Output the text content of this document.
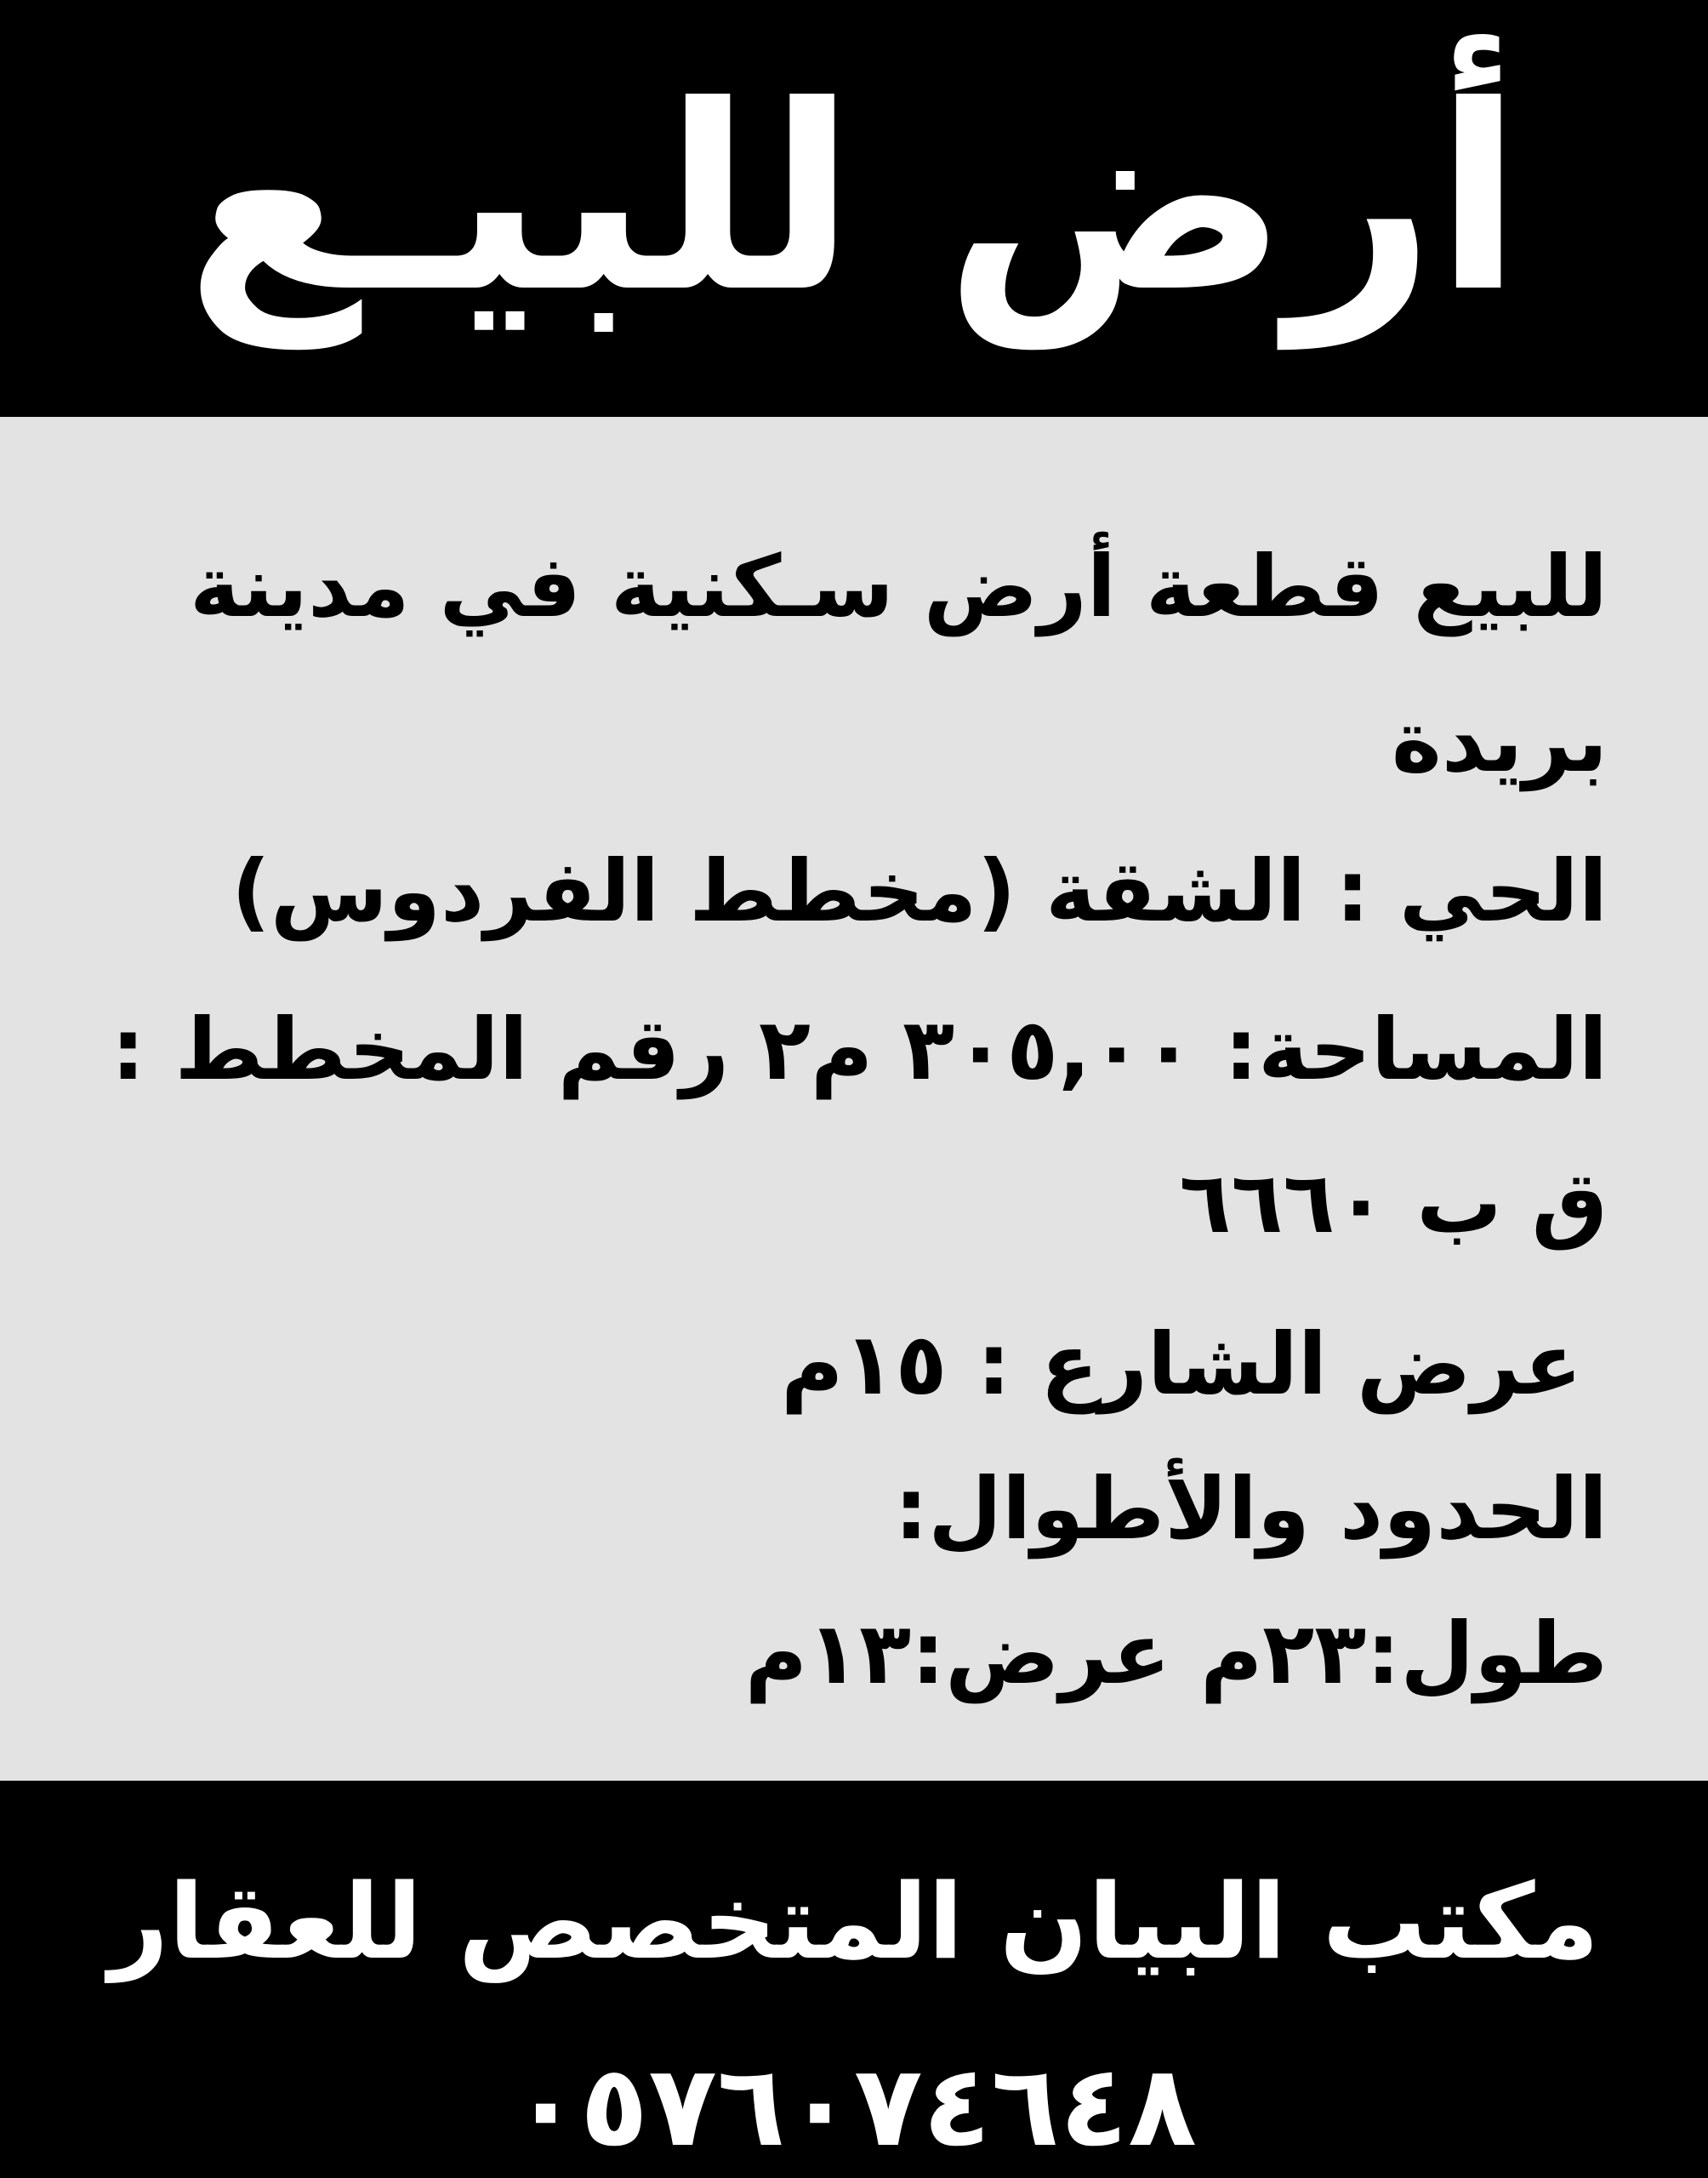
أرض للبيـع
للبيع قطعة أرض سـكنية في مدينة
بريدة
الحي : الشقة (مخطط الفردوس)
المساحة: ٣٠٥,٠٠ م٢ رقم المخطط :
ق ب ٦٦٦٠
عرض الشارع : ١٥م
الحدود والأطوال:
طول:٢٣م عرض:١٣م
مكتب البيان المتخصص للعقار
٠٥٧٦٠٧٤٦٤٨
